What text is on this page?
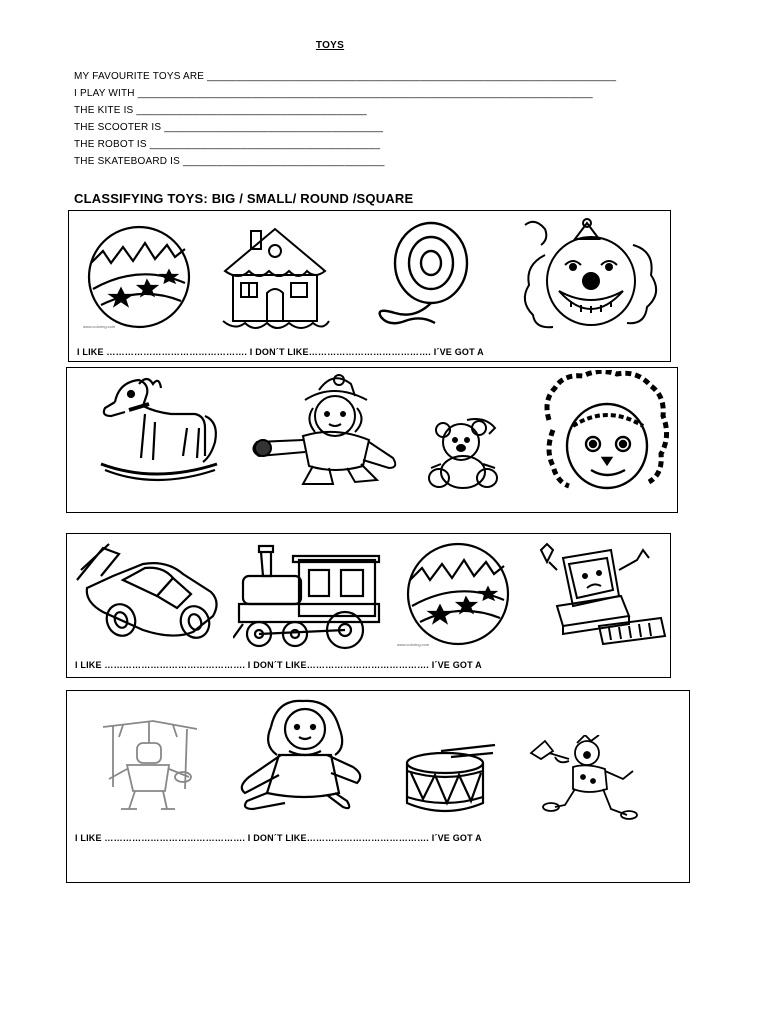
TOYS
MY FAVOURITE TOYS ARE _______________________________________________________________________
I PLAY WITH _______________________________________________________________________________
THE KITE IS ________________________________________
THE SCOOTER IS ______________________________________
THE ROBOT IS ________________________________________
THE SKATEBOARD IS ___________________________________
CLASSIFYING TOYS: BIG / SMALL/ ROUND /SQUARE
www.coloring.com
I LIKE ………………………………………. I DON´T LIKE…………………………………. I´VE GOT A
www.coloring.com
I LIKE ………………………………………. I DON´T LIKE…………………………………. I´VE GOT A
I LIKE ………………………………………. I DON´T LIKE…………………………………. I´VE GOT A
